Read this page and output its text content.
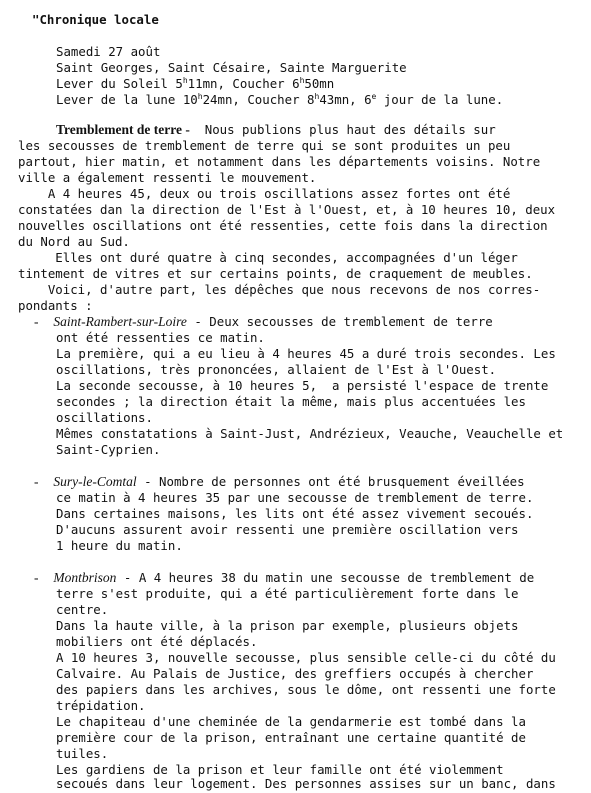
"Chronique locale
Samedi 27 août
Saint Georges, Saint Césaire, Sainte Marguerite
Lever du Soleil 5$^h$11mn, Coucher 6$^h$50mn
Lever de la lune 10$^h$24mn, Coucher 8$^h$43mn, 6e jour de la lune.
Tremblement de terre -  Nous publions plus haut des détails sur
les secousses de tremblement de terre qui se sont produites un peu
partout, hier matin, et notamment dans les départements voisins. Notre
ville a également ressenti le mouvement.
A 4 heures 45, deux ou trois oscillations assez fortes ont été
constatées dan la direction de l'Est à l'Ouest, et, à 10 heures 10, deux
nouvelles oscillations ont été ressenties, cette fois dans la direction
du Nord au Sud.
Elles ont duré quatre à cinq secondes, accompagnées d'un léger
tintement de vitres et sur certains points, de craquement de meubles.
Voici, d'autre part, les dépêches que nous recevons de nos corres-
pondants :
- Saint-Rambert-sur-Loire - Deux secousses de tremblement de terre
ont été ressenties ce matin.
La première, qui a eu lieu à 4 heures 45 a duré trois secondes. Les
oscillations, très prononcées, allaient de l'Est à l'Ouest.
La seconde secousse, à 10 heures 5,  a persisté l'espace de trente
secondes ; la direction était la même, mais plus accentuées les
oscillations.
Mêmes constatations à Saint-Just, Andrézieux, Veauche, Veauchelle et
Saint-Cyprien.
- Sury-le-Comtal - Nombre de personnes ont été brusquement éveillées
ce matin à 4 heures 35 par une secousse de tremblement de terre.
Dans certaines maisons, les lits ont été assez vivement secoués.
D'aucuns assurent avoir ressenti une première oscillation vers
1 heure du matin.
- Montbrison - A 4 heures 38 du matin une secousse de tremblement de
terre s'est produite, qui a été particulièrement forte dans le
centre.
Dans la haute ville, à la prison par exemple, plusieurs objets
mobiliers ont été déplacés.
A 10 heures 3, nouvelle secousse, plus sensible celle-ci du côté du
Calvaire. Au Palais de Justice, des greffiers occupés à chercher
des papiers dans les archives, sous le dôme, ont ressenti une forte
trépidation.
Le chapiteau d'une cheminée de la gendarmerie est tombé dans la
première cour de la prison, entraînant une certaine quantité de
tuiles.
Les gardiens de la prison et leur famille ont été violemment
secoués dans leur logement. Des personnes assises sur un banc, dans
